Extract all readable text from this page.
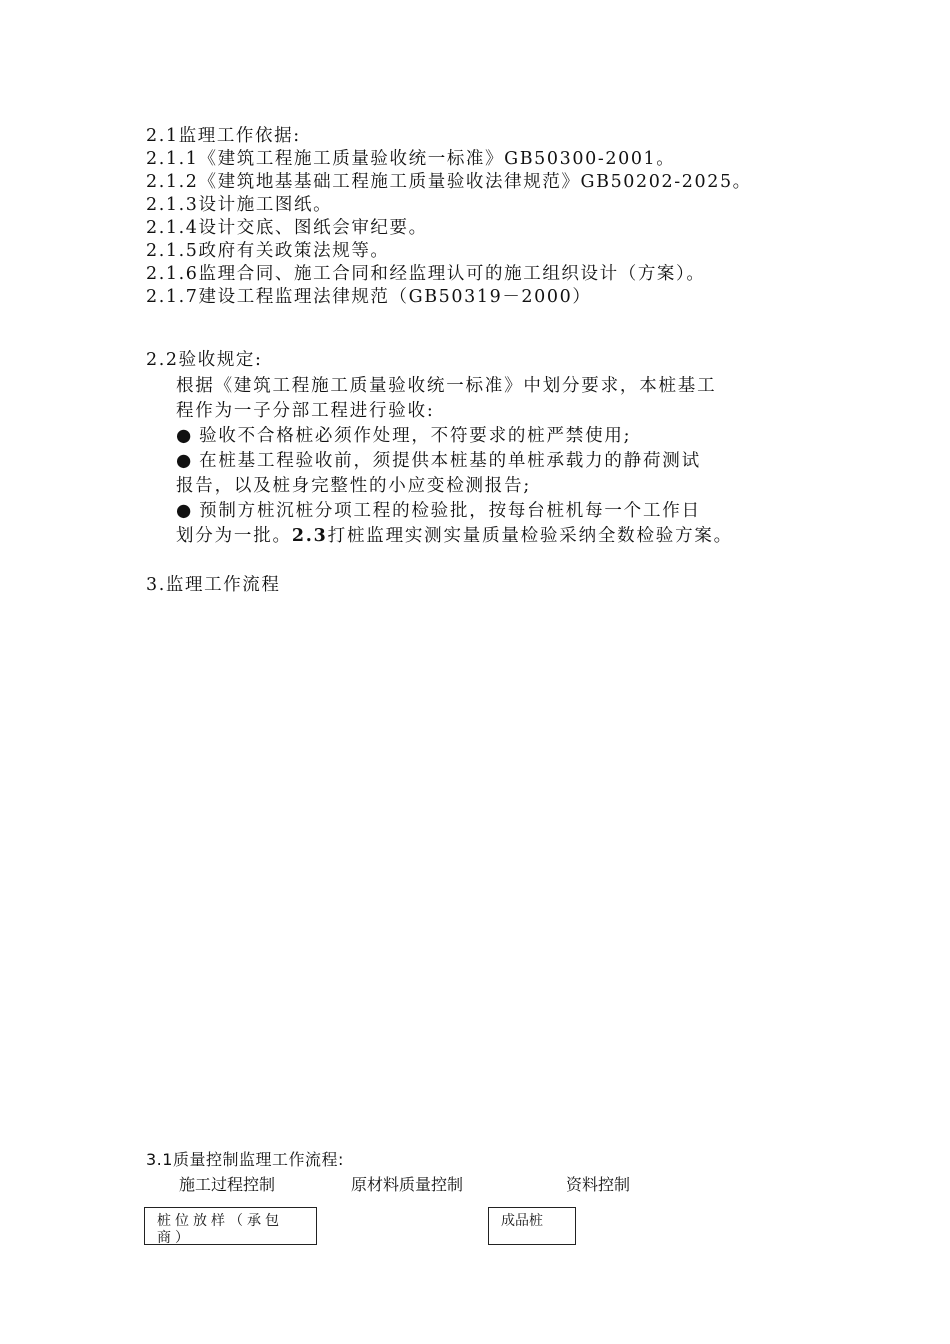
2.1监理工作依据:
2.1.1《建筑工程施工质量验收统一标准》GB50300-2001。
2.1.2《建筑地基基础工程施工质量验收法律规范》GB50202-2025。
2.1.3设计施工图纸。
2.1.4设计交底、图纸会审纪要。
2.1.5政府有关政策法规等。
2.1.6监理合同、施工合同和经监理认可的施工组织设计（方案）。
2.1.7建设工程监理法律规范（GB50319－2000）
2.2验收规定:
根据《建筑工程施工质量验收统一标准》中划分要求，本桩基工
程作为一子分部工程进行验收:
● 验收不合格桩必须作处理，不符要求的桩严禁使用;
● 在桩基工程验收前，须提供本桩基的单桩承载力的静荷测试
报告，以及桩身完整性的小应变检测报告;
● 预制方桩沉桩分项工程的检验批，按每台桩机每一个工作日
划分为一批。2.3打桩监理实测实量质量检验采纳全数检验方案。
3.监理工作流程
3.1质量控制监理工作流程:
施工过程控制	原材料质量控制	资料控制
桩位放样（承包商）
成品桩
